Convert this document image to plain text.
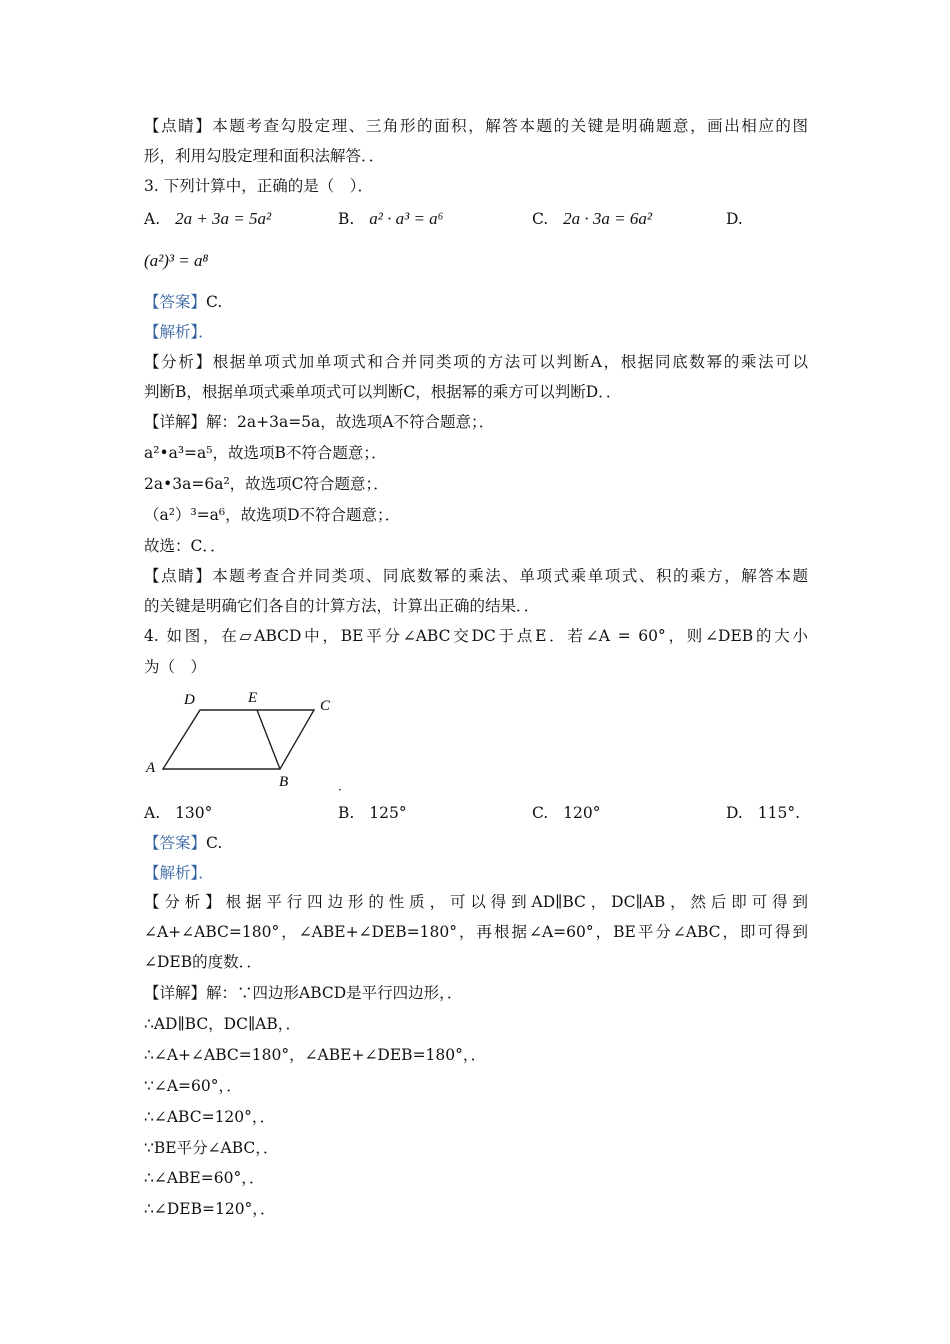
【点睛】本题考查勾股定理、三角形的面积，解答本题的关键是明确题意，画出相应的图
形，利用勾股定理和面积法解答．．
3. 下列计算中，正确的是（　）．
A. 2a + 3a = 5a²	B. a² · a³ = a⁶	C. 2a · 3a = 6a²	D.
(a²)³ = a⁸
【答案】C.
【解析】．
【分析】根据单项式加单项式和合并同类项的方法可以判断A，根据同底数幂的乘法可以
判断B，根据单项式乘单项式可以判断C，根据幂的乘方可以判断D．．
【详解】解：2a+3a=5a，故选项A不符合题意；．
a²•a³=a⁵，故选项B不符合题意；．
2a•3a=6a²，故选项C符合题意；．
（a²）³=a⁶，故选项D不符合题意；．
故选：C．．
【点睛】本题考查合并同类项、同底数幂的乘法、单项式乘单项式、积的乘方，解答本题
的关键是明确它们各自的计算方法，计算出正确的结果．．
4. 如图，在▱ABCD中，BE平分∠ABC交DC于点E．若∠A = 60°，则∠DEB的大小
为（　）
A
B
C
D	E
．
A. 130°	B. 125°	C. 120°	D. 115°.
【答案】C.
【解析】．
【分析】根据平行四边形的性质，可以得到AD∥BC，DC∥AB，然后即可得到
∠A+∠ABC=180°，∠ABE+∠DEB=180°，再根据∠A=60°，BE平分∠ABC，即可得到
∠DEB的度数．．
【详解】解：∵四边形ABCD是平行四边形，．
∴AD∥BC，DC∥AB，．
∴∠A+∠ABC=180°，∠ABE+∠DEB=180°，．
∵∠A=60°，．
∴∠ABC=120°，．
∵BE平分∠ABC，．
∴∠ABE=60°，．
∴∠DEB=120°，．
